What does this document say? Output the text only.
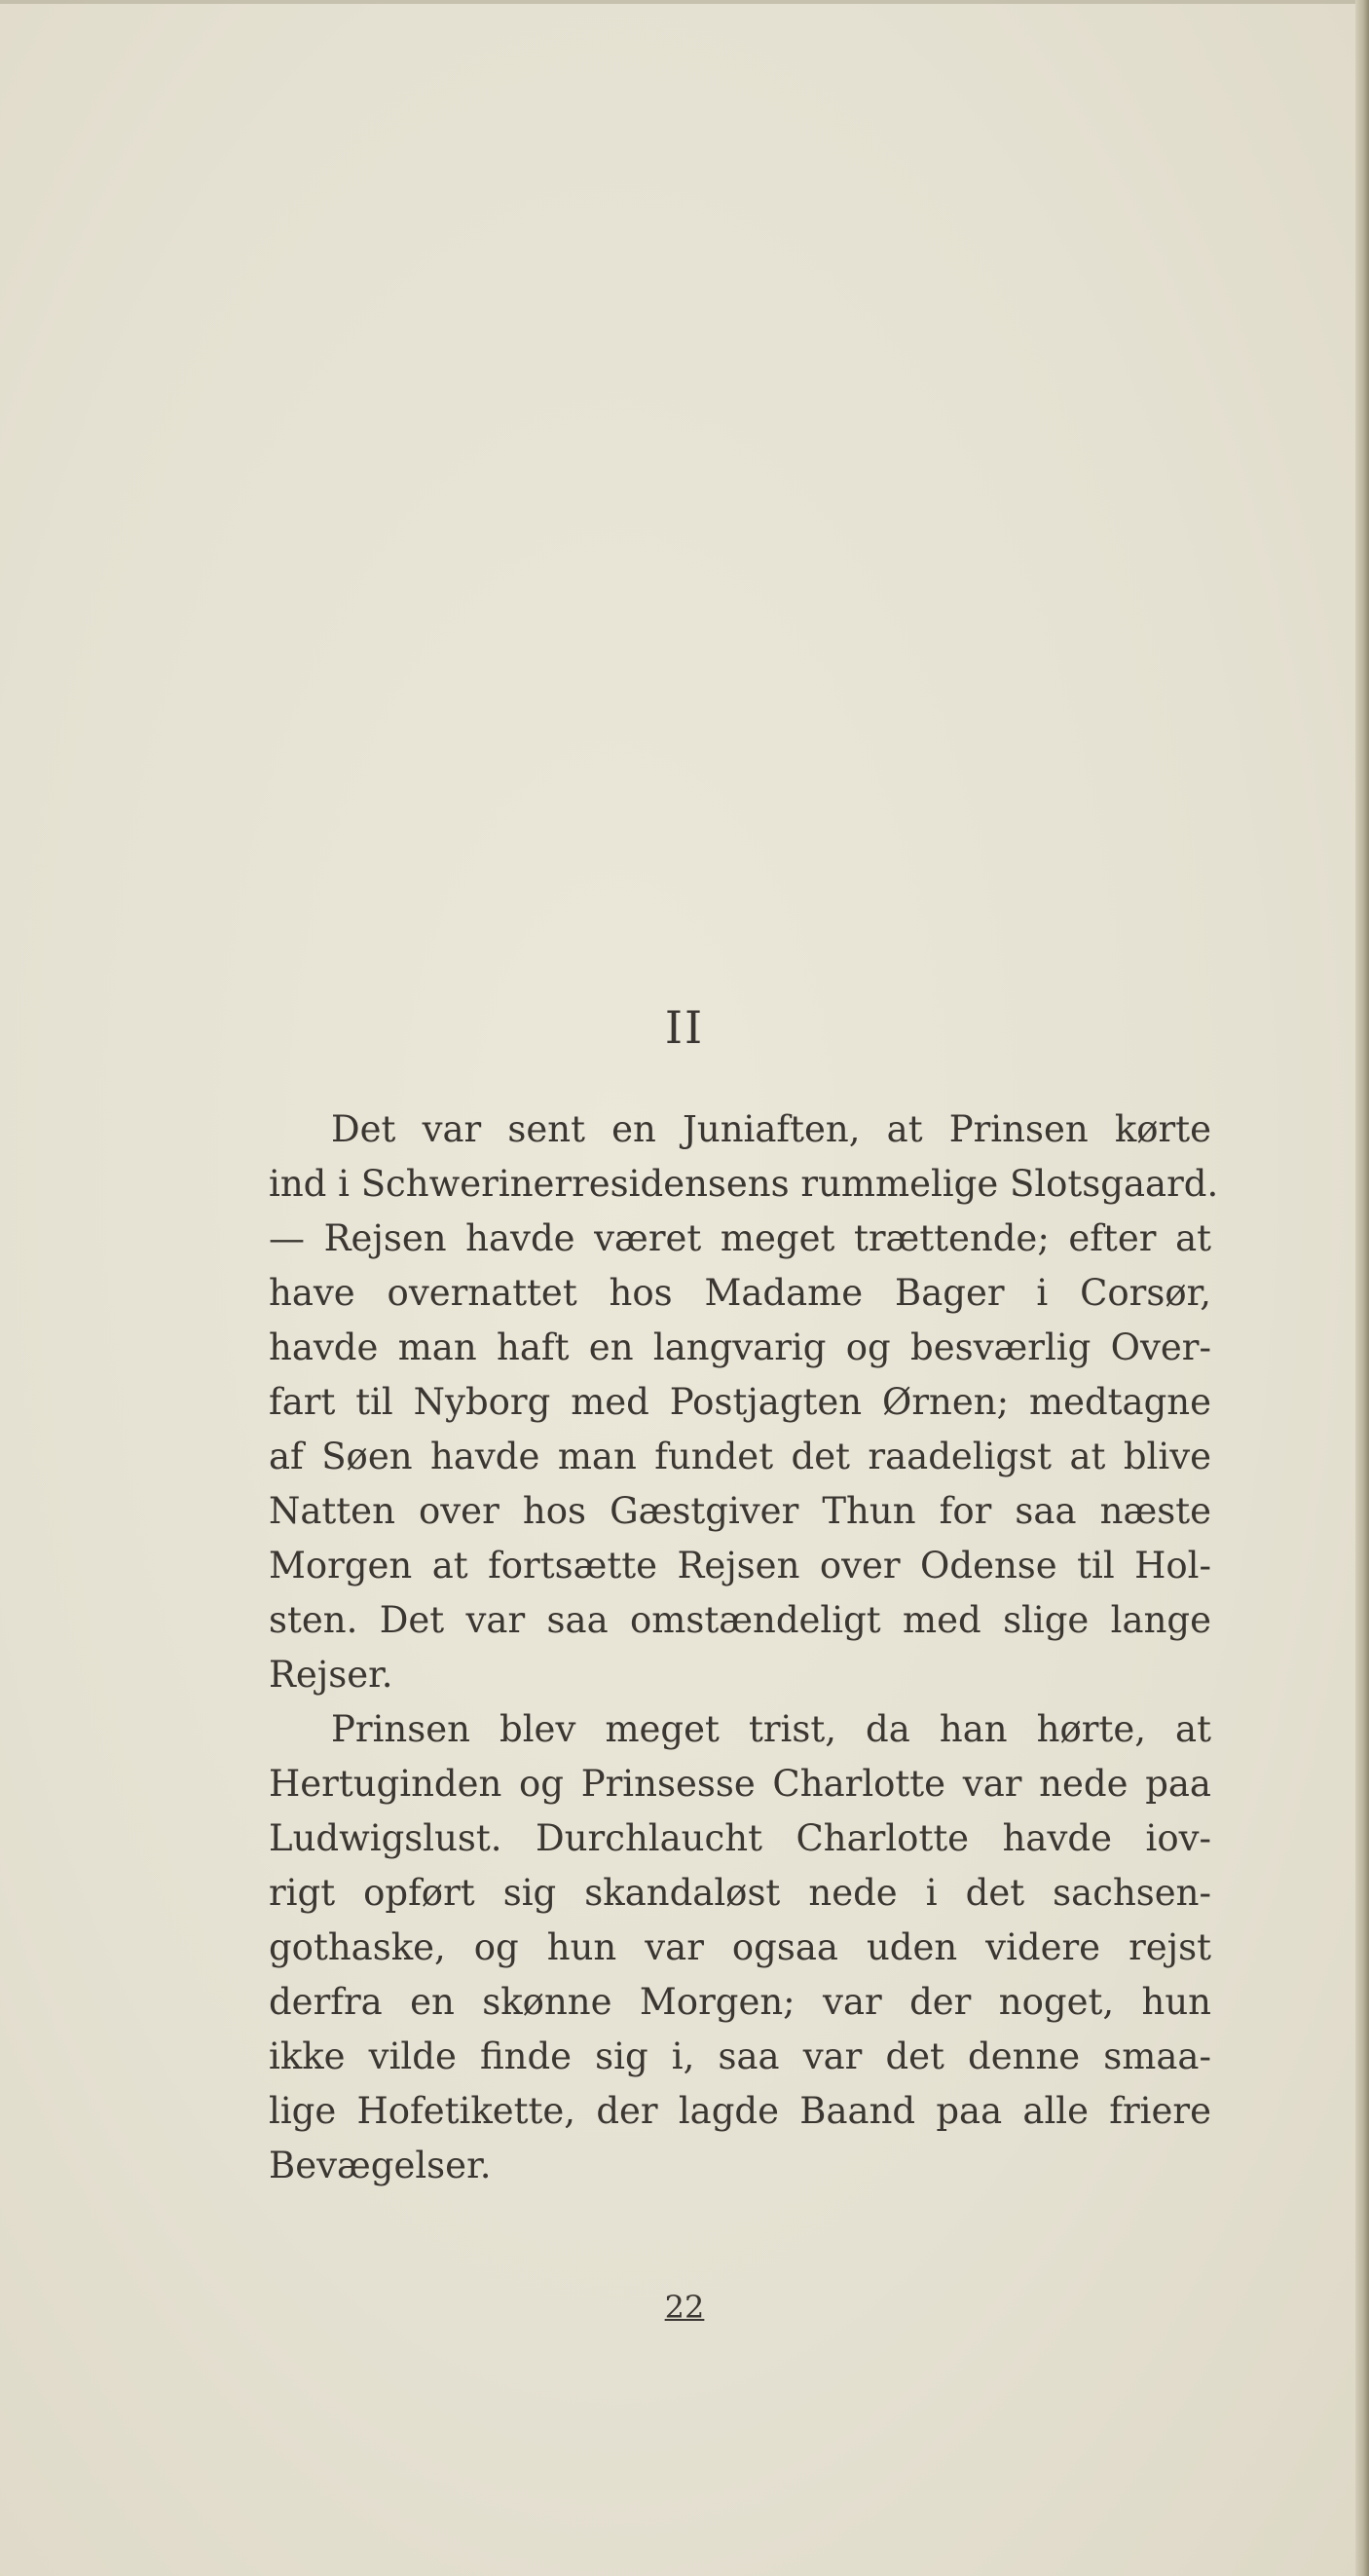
II
Det var sent en Juniaften, at Prinsen kørte
ind i Schwerinerresidensens rummelige Slotsgaard.
— Rejsen havde været meget trættende; efter at
have overnattet hos Madame Bager i Corsør,
havde man haft en langvarig og besværlig Over-
fart til Nyborg med Postjagten Ørnen; medtagne
af Søen havde man fundet det raadeligst at blive
Natten over hos Gæstgiver Thun for saa næste
Morgen at fortsætte Rejsen over Odense til Hol-
sten. Det var saa omstændeligt med slige lange
Rejser.
Prinsen blev meget trist, da han hørte, at
Hertuginden og Prinsesse Charlotte var nede paa
Ludwigslust. Durchlaucht Charlotte havde iov-
rigt opført sig skandaløst nede i det sachsen-
gothaske, og hun var ogsaa uden videre rejst
derfra en skønne Morgen; var der noget, hun
ikke vilde finde sig i, saa var det denne smaa-
lige Hofetikette, der lagde Baand paa alle friere
Bevægelser.
22
